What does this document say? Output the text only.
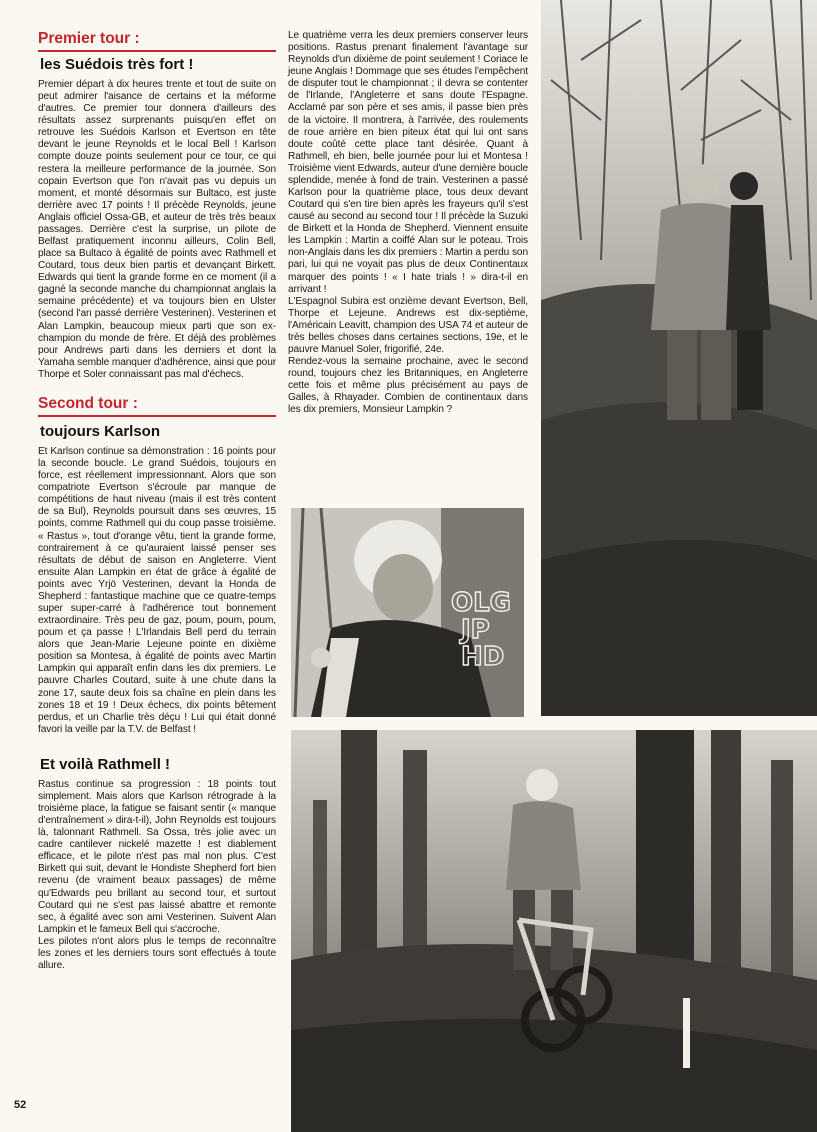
Premier tour :
les Suédois très fort !

Premier départ à dix heures trente et tout de suite on peut admirer l'aisance de certains et la méforme d'autres. Ce premier tour donnera d'ailleurs des résultats assez surprenants puisqu'en effet on retrouve les Suédois Karlson et Evertson en tête devant le jeune Reynolds et le local Bell ! Karlson compte douze points seulement pour ce tour, ce qui restera la meilleure performance de la journée. Son copain Evertson que l'on n'avait pas vu depuis un moment, et monté désormais sur Bultaco, est juste derrière avec 17 points ! Il précède Reynolds, jeune Anglais officiel Ossa-GB, et auteur de très très beaux passages. Derrière c'est la surprise, un pilote de Belfast pratiquement inconnu ailleurs, Colin Bell, place sa Bultaco à égalité de points avec Rathmell et Coutard, tous deux bien partis et devançant Birkett. Edwards qui tient la grande forme en ce moment (il a gagné la seconde manche du championnat anglais la semaine précédente) et va toujours bien en Ulster (second l'an passé derrière Vesterinen). Vesterinen et Alan Lampkin, beaucoup mieux parti que son ex-champion du monde de frère. Et déjà des problèmes pour Andrews parti dans les derniers et dont la Yamaha semble manquer d'adhérence, ainsi que pour Thorpe et Soler connaissant pas mal d'échecs.

Second tour :
toujours Karlson

Et Karlson continue sa démonstration : 16 points pour la seconde boucle. Le grand Suédois, toujours en force, est réellement impressionnant. Alors que son compatriote Evertson s'écroule par manque de compétitions de haut niveau (mais il est très content de sa Bul), Reynolds poursuit dans ses œuvres, 15 points, comme Rathmell qui du coup passe troisième. « Rastus », tout d'orange vêtu, tient la grande forme, contrairement à ce qu'auraient laissé penser ses résultats de début de saison en Angleterre. Vient ensuite Alan Lampkin en état de grâce à égalité de points avec Yrjö Vesterinen, devant la Honda de Shepherd : fantastique machine que ce quatre-temps super super-carré à l'adhérence tout bonnement extraordinaire. Très peu de gaz, poum, poum, poum, poum et ça passe ! L'Irlandais Bell perd du terrain alors que Jean-Marie Lejeune pointe en dixième position sa Montesa, à égalité de points avec Martin Lampkin qui apparaît enfin dans les dix premiers. Le pauvre Charles Coutard, suite à une chute dans la zone 17, saute deux fois sa chaîne en plein dans les zones 18 et 19 ! Deux échecs, dix points bêtement perdus, et un Charlie très déçu ! Lui qui était donné favori la veille par la T.V. de Belfast !

Et voilà Rathmell !

Rastus continue sa progression : 18 points tout simplement. Mais alors que Karlson rétrograde à la troisième place, la fatigue se faisant sentir (« manque d'entraînement » dira-t-il), John Reynolds est toujours là, talonnant Rathmell. Sa Ossa, très jolie avec un cadre cantilever nickelé mazette ! est diablement efficace, et le pilote n'est pas mal non plus. C'est Birkett qui suit, devant le Hondiste Shepherd fort bien revenu (de vraiment beaux passages) de même qu'Edwards peu brillant au second tour, et surtout Coutard qui ne s'est pas laissé abattre et remonte sec, à égalité avec son ami Vesterinen. Suivent Alan Lampkin et le fameux Bell qui s'accroche.

Les pilotes n'ont alors plus le temps de reconnaître les zones et les derniers tours sont effectués à toute allure.

Le quatrième verra les deux premiers conserver leurs positions. Rastus prenant finalement l'avantage sur Reynolds d'un dixième de point seulement ! Coriace le jeune Anglais ! Dommage que ses études l'empêchent de disputer tout le championnat ; il devra se contenter de l'Irlande, l'Angleterre et sans doute l'Espagne. Acclamé par son père et ses amis, il passe bien près de la victoire. Il montrera, à l'arrivée, des roulements de roue arrière en bien piteux état qui lui ont sans doute coûté cette place tant désirée. Quant à Rathmell, eh bien, belle journée pour lui et Montesa ! Troisième vient Edwards, auteur d'une dernière boucle splendide, menée à fond de train. Vesterinen a passé Karlson pour la quatrième place, tous deux devant Coutard qui s'en tire bien après les frayeurs qu'il s'est causé au second au second tour ! Il précède la Suzuki de Birkett et la Honda de Shepherd. Viennent ensuite les Lampkin : Martin a coiffé Alan sur le poteau. Trois non-Anglais dans les dix premiers : Martin a perdu son pari, lui qui ne voyait pas plus de deux Continentaux marquer des points ! « I hate trials ! » dira-t-il en arrivant !

L'Espagnol Subira est onzième devant Evertson, Bell, Thorpe et Lejeune. Andrews est dix-septième, l'Américain Leavitt, champion des USA 74 et auteur de très belles choses dans certaines sections, 19e, et le pauvre Manuel Soler, frigorifié, 24e.

Rendez-vous la semaine prochaine, avec le second round, toujours chez les Britanniques, en Angleterre cette fois et même plus précisément au pays de Galles, à Rhayader. Combien de continentaux dans les dix premiers, Monsieur Lampkin ?

OLG
JP
HD
52
